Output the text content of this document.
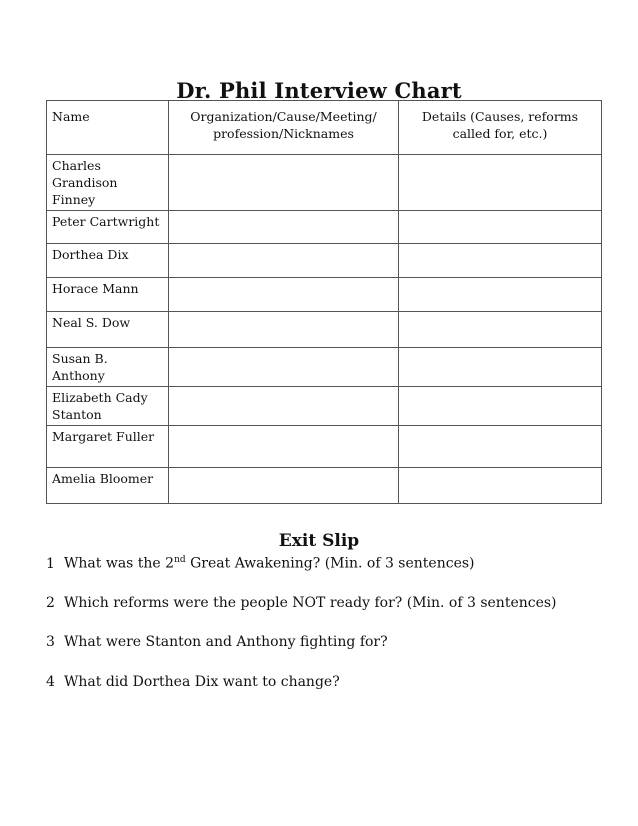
Dr. Phil Interview Chart
Name	Organization/Cause/Meeting/ profession/Nicknames	Details (Causes, reforms called for, etc.)
Charles Grandison Finney		
Peter Cartwright		
Dorthea Dix		
Horace Mann		
Neal S. Dow		
Susan B. Anthony		
Elizabeth Cady Stanton		
Margaret Fuller		
Amelia Bloomer		
Exit Slip
1 What was the 2nd Great Awakening? (Min. of 3 sentences)
2 Which reforms were the people NOT ready for? (Min. of 3 sentences)
3 What were Stanton and Anthony fighting for?
4 What did Dorthea Dix want to change?
